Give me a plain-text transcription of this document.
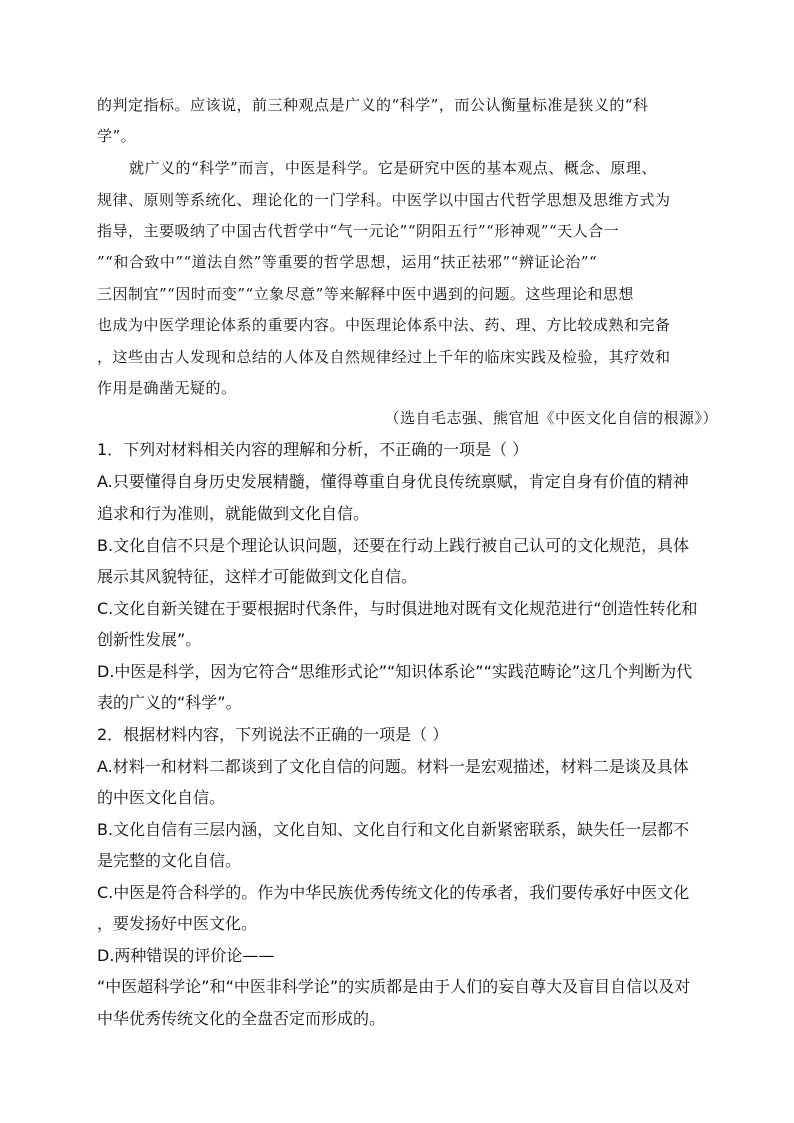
的判定指标。应该说，前三种观点是广义的“科学”，而公认衡量标准是狭义的“科
学”。
就广义的“科学”而言，中医是科学。它是研究中医的基本观点、概念、原理、
规律、原则等系统化、理论化的一门学科。中医学以中国古代哲学思想及思维方式为
指导，主要吸纳了中国古代哲学中“气一元论”“阴阳五行”“形神观”“天人合一
”“和合致中”“道法自然”等重要的哲学思想，运用“扶正祛邪”“辨证论治”“
三因制宜”“因时而变”“立象尽意”等来解释中医中遇到的问题。这些理论和思想
也成为中医学理论体系的重要内容。中医理论体系中法、药、理、方比较成熟和完备
，这些由古人发现和总结的人体及自然规律经过上千年的临床实践及检验，其疗效和
作用是确凿无疑的。
（选自毛志强、熊官旭《中医文化自信的根源》）
1．下列对材料相关内容的理解和分析，不正确的一项是（ ）
A.只要懂得自身历史发展精髓，懂得尊重自身优良传统禀赋，肯定自身有价值的精神
追求和行为准则，就能做到文化自信。
B.文化自信不只是个理论认识问题，还要在行动上践行被自己认可的文化规范，具体
展示其风貌特征，这样才可能做到文化自信。
C.文化自新关键在于要根据时代条件，与时俱进地对既有文化规范进行“创造性转化和
创新性发展”。
D.中医是科学，因为它符合“思维形式论”“知识体系论”“实践范畴论”这几个判断为代
表的广义的“科学”。
2．根据材料内容，下列说法不正确的一项是（ ）
A.材料一和材料二都谈到了文化自信的问题。材料一是宏观描述，材料二是谈及具体
的中医文化自信。
B.文化自信有三层内涵，文化自知、文化自行和文化自新紧密联系，缺失任一层都不
是完整的文化自信。
C.中医是符合科学的。作为中华民族优秀传统文化的传承者，我们要传承好中医文化
，要发扬好中医文化。
D.两种错误的评价论——
“中医超科学论”和“中医非科学论”的实质都是由于人们的妄自尊大及盲目自信以及对
中华优秀传统文化的全盘否定而形成的。
